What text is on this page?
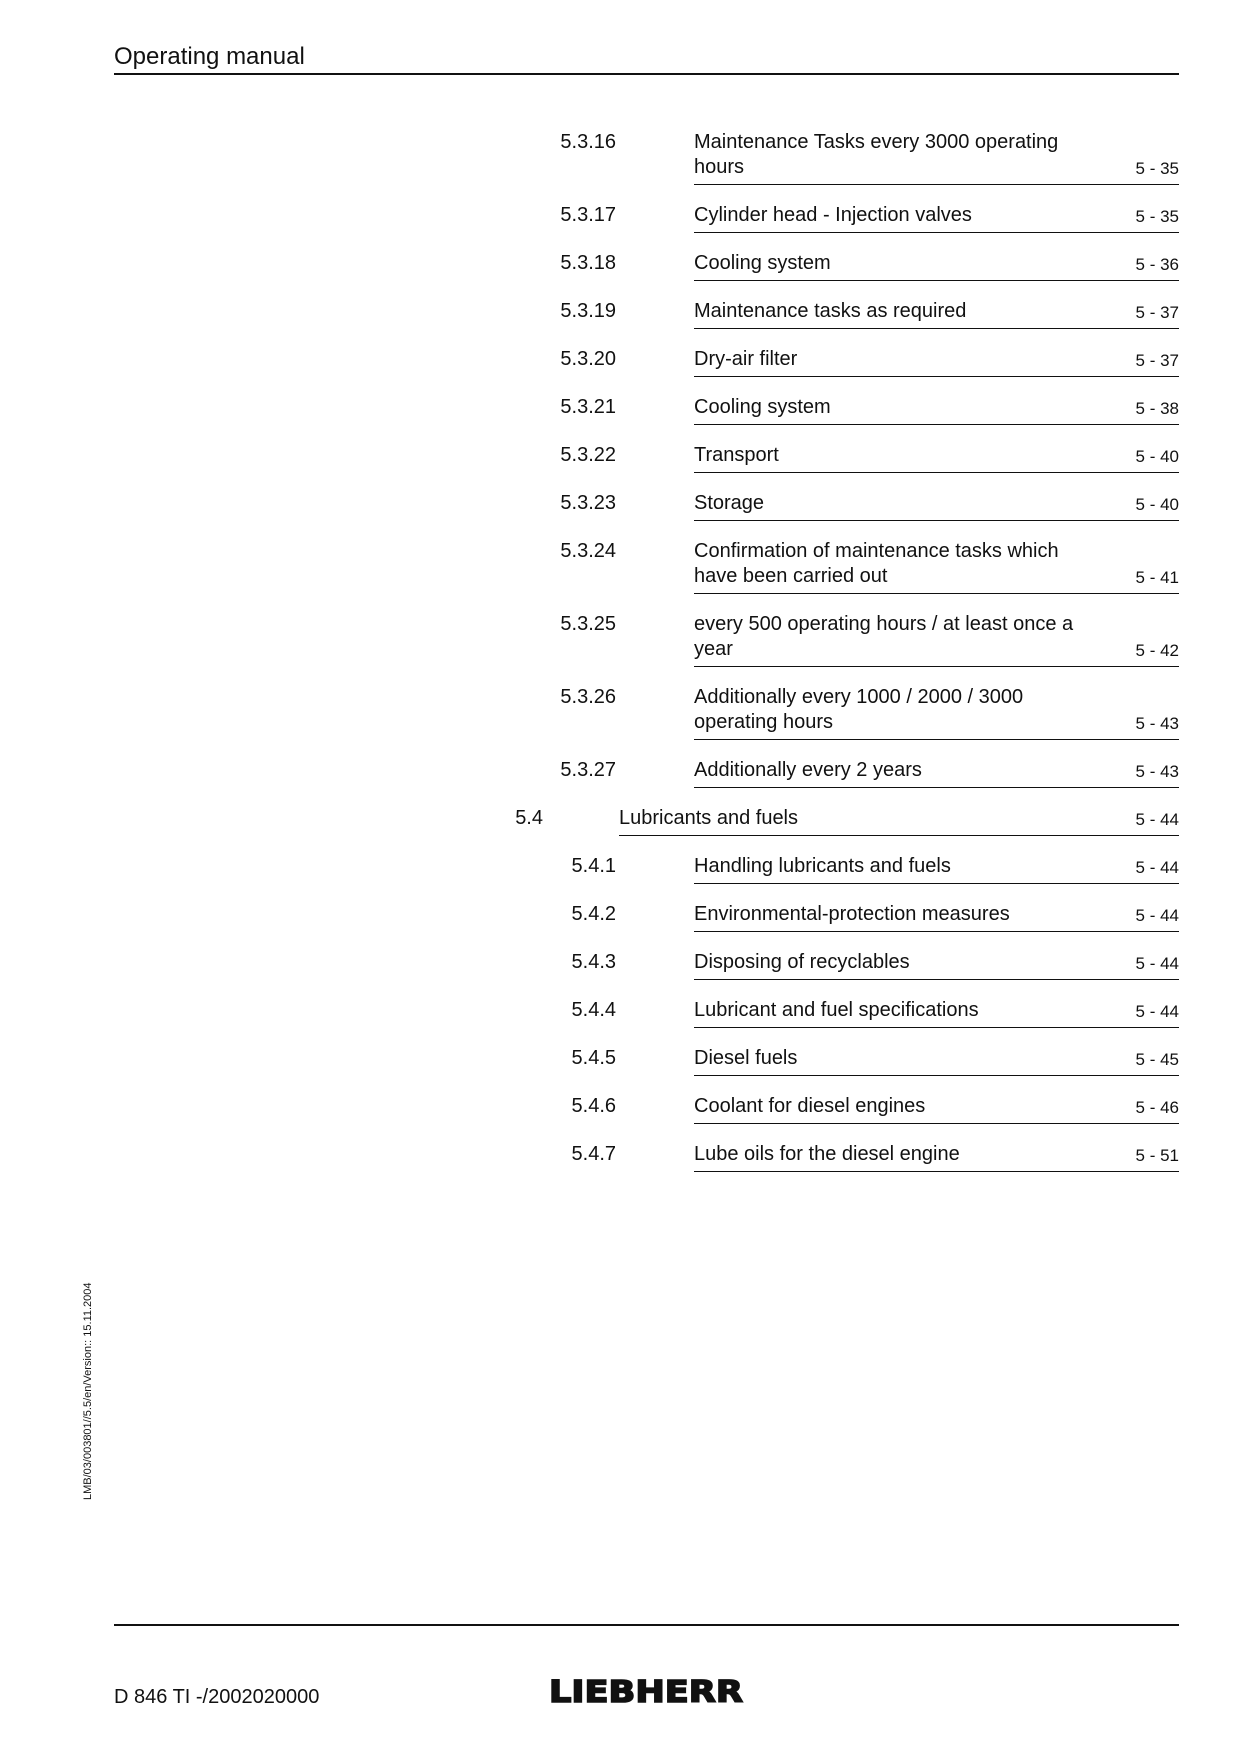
Operating manual
5.3.16	Maintenance Tasks every 3000 operating hours	5 - 35
5.3.17	Cylinder head - Injection valves	5 - 35
5.3.18	Cooling system	5 - 36
5.3.19	Maintenance tasks as required	5 - 37
5.3.20	Dry-air filter	5 - 37
5.3.21	Cooling system	5 - 38
5.3.22	Transport	5 - 40
5.3.23	Storage	5 - 40
5.3.24	Confirmation of maintenance tasks which have been carried out	5 - 41
5.3.25	every 500 operating hours / at least once a year	5 - 42
5.3.26	Additionally every 1000 / 2000 / 3000 operating hours	5 - 43
5.3.27	Additionally every 2 years	5 - 43
5.4	Lubricants and fuels	5 - 44
5.4.1	Handling lubricants and fuels	5 - 44
5.4.2	Environmental-protection measures	5 - 44
5.4.3	Disposing of recyclables	5 - 44
5.4.4	Lubricant and fuel specifications	5 - 44
5.4.5	Diesel fuels	5 - 45
5.4.6	Coolant for diesel engines	5 - 46
5.4.7	Lube oils for the diesel engine	5 - 51
LMB/03/003801//5.5/en/Version:: 15.11.2004
D 846 TI -/2002020000	LIEBHERR
